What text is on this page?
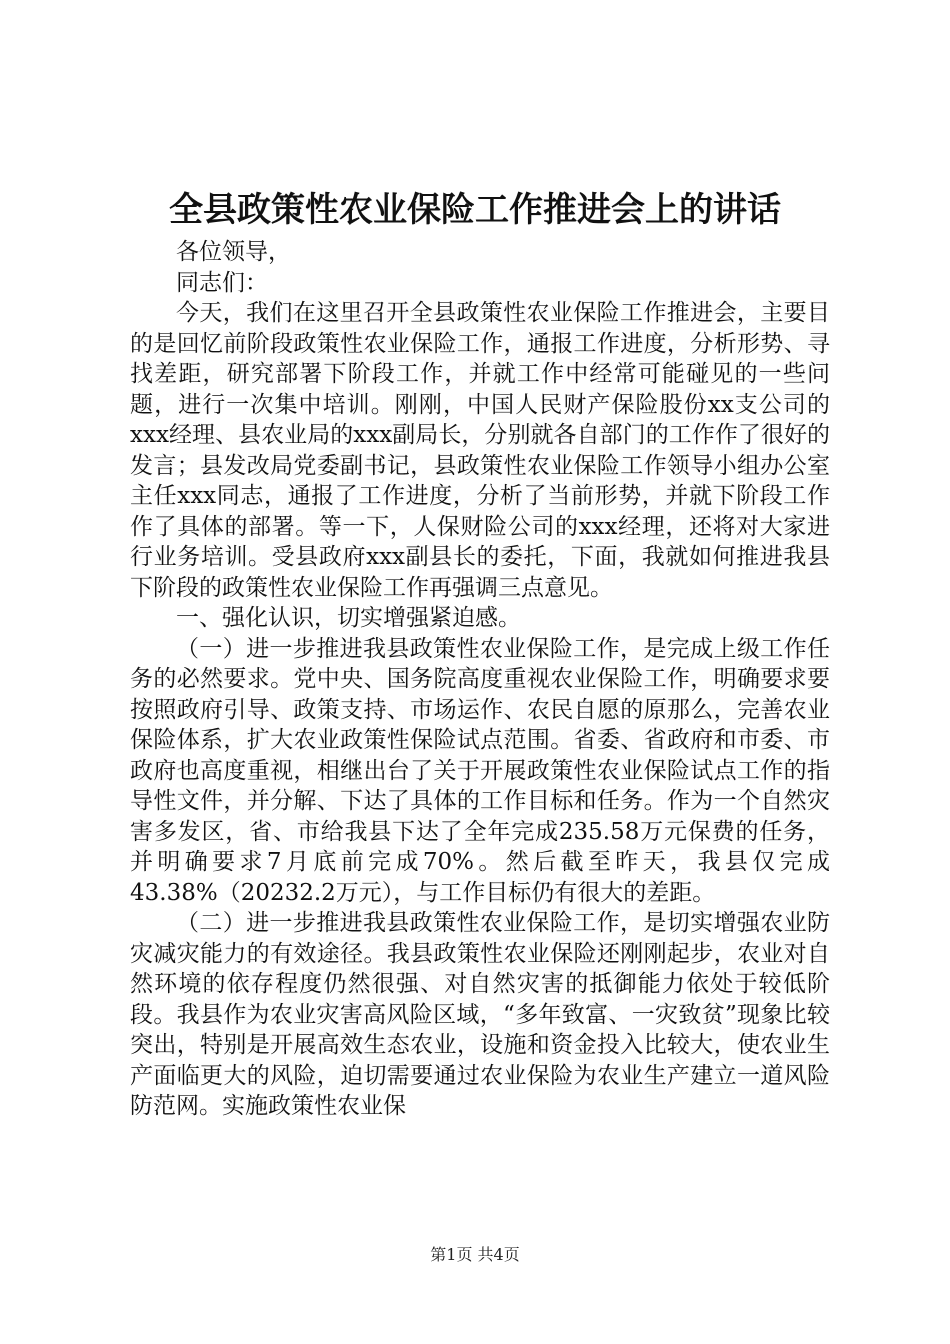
全县政策性农业保险工作推进会上的讲话

各位领导，

同志们：

今天，我们在这里召开全县政策性农业保险工作推进会，主要目的是回忆前阶段政策性农业保险工作，通报工作进度，分析形势、寻找差距，研究部署下阶段工作，并就工作中经常可能碰见的一些问题，进行一次集中培训。刚刚，中国人民财产保险股份xx支公司的xxx经理、县农业局的xxx副局长，分别就各自部门的工作作了很好的发言；县发改局党委副书记，县政策性农业保险工作领导小组办公室主任xxx同志，通报了工作进度，分析了当前形势，并就下阶段工作作了具体的部署。等一下，人保财险公司的xxx经理，还将对大家进行业务培训。受县政府xxx副县长的委托，下面，我就如何推进我县下阶段的政策性农业保险工作再强调三点意见。

一、强化认识，切实增强紧迫感。

（一）进一步推进我县政策性农业保险工作，是完成上级工作任务的必然要求。党中央、国务院高度重视农业保险工作，明确要求要按照政府引导、政策支持、市场运作、农民自愿的原那么，完善农业保险体系，扩大农业政策性保险试点范围。省委、省政府和市委、市政府也高度重视，相继出台了关于开展政策性农业保险试点工作的指导性文件，并分解、下达了具体的工作目标和任务。作为一个自然灾害多发区，省、市给我县下达了全年完成235.58万元保费的任务，并明确要求7月底前完成70%。然后截至昨天，我县仅完成43.38%（20232.2万元），与工作目标仍有很大的差距。

（二）进一步推进我县政策性农业保险工作，是切实增强农业防灾减灾能力的有效途径。我县政策性农业保险还刚刚起步，农业对自然环境的依存程度仍然很强、对自然灾害的抵御能力依处于较低阶段。我县作为农业灾害高风险区域，“多年致富、一灾致贫”现象比较突出，特别是开展高效生态农业，设施和资金投入比较大，使农业生产面临更大的风险，迫切需要通过农业保险为农业生产建立一道风险防范网。实施政策性农业保

第1页 共4页
